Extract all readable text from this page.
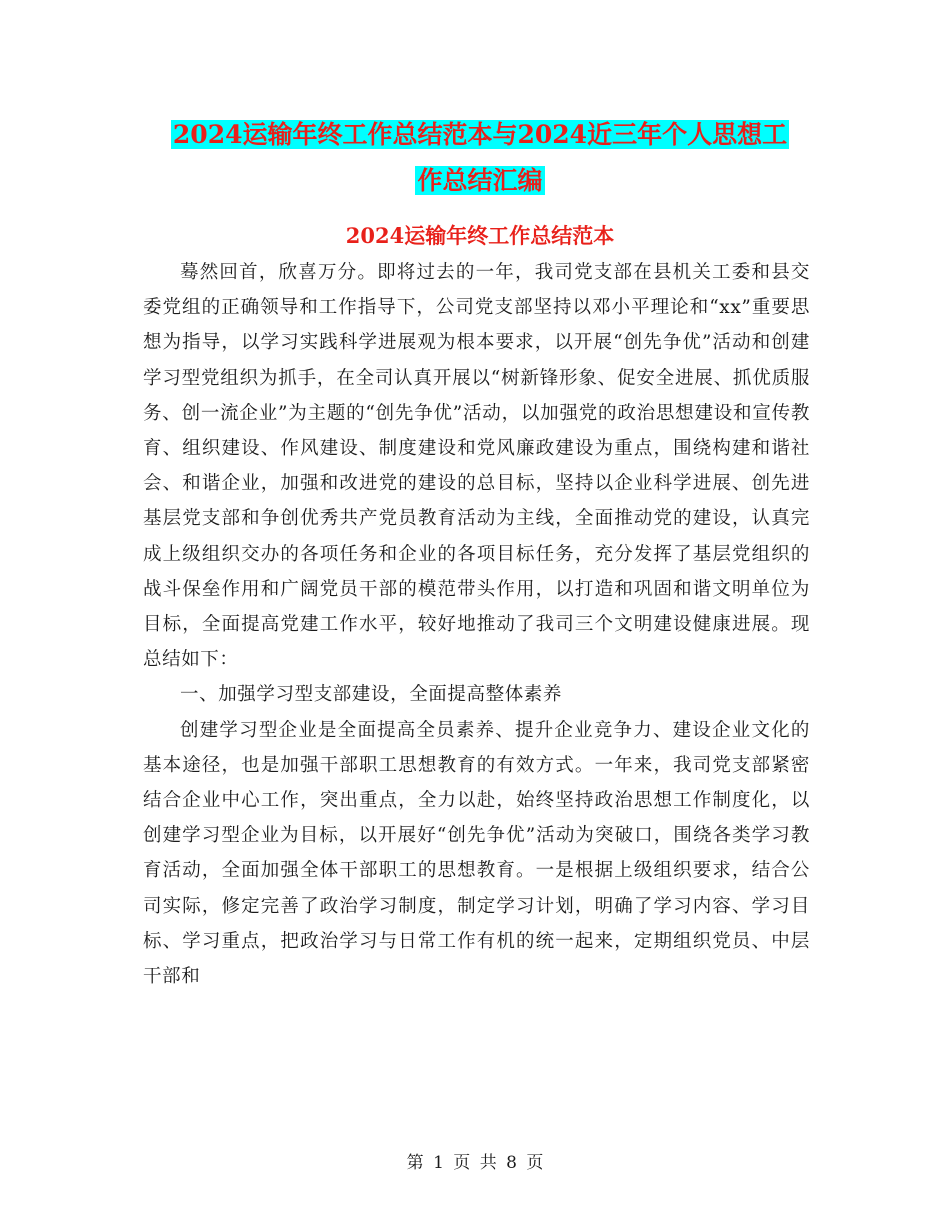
2024运输年终工作总结范本与2024近三年个人思想工
作总结汇编
2024运输年终工作总结范本

蓦然回首，欣喜万分。即将过去的一年，我司党支部在县机关工委和县交委党组的正确领导和工作指导下，公司党支部坚持以邓小平理论和“xx”重要思想为指导，以学习实践科学进展观为根本要求，以开展“创先争优”活动和创建学习型党组织为抓手，在全司认真开展以“树新锋形象、促安全进展、抓优质服务、创一流企业”为主题的“创先争优”活动，以加强党的政治思想建设和宣传教育、组织建设、作风建设、制度建设和党风廉政建设为重点，围绕构建和谐社会、和谐企业，加强和改进党的建设的总目标，坚持以企业科学进展、创先进基层党支部和争创优秀共产党员教育活动为主线，全面推动党的建设，认真完成上级组织交办的各项任务和企业的各项目标任务，充分发挥了基层党组织的战斗保垒作用和广阔党员干部的模范带头作用，以打造和巩固和谐文明单位为目标，全面提高党建工作水平，较好地推动了我司三个文明建设健康进展。现总结如下：

一、加强学习型支部建设，全面提高整体素养

创建学习型企业是全面提高全员素养、提升企业竞争力、建设企业文化的基本途径，也是加强干部职工思想教育的有效方式。一年来，我司党支部紧密结合企业中心工作，突出重点，全力以赴，始终坚持政治思想工作制度化，以创建学习型企业为目标，以开展好“创先争优”活动为突破口，围绕各类学习教育活动，全面加强全体干部职工的思想教育。一是根据上级组织要求，结合公司实际，修定完善了政治学习制度，制定学习计划，明确了学习内容、学习目标、学习重点，把政治学习与日常工作有机的统一起来，定期组织党员、中层干部和

第 1 页 共 8 页
